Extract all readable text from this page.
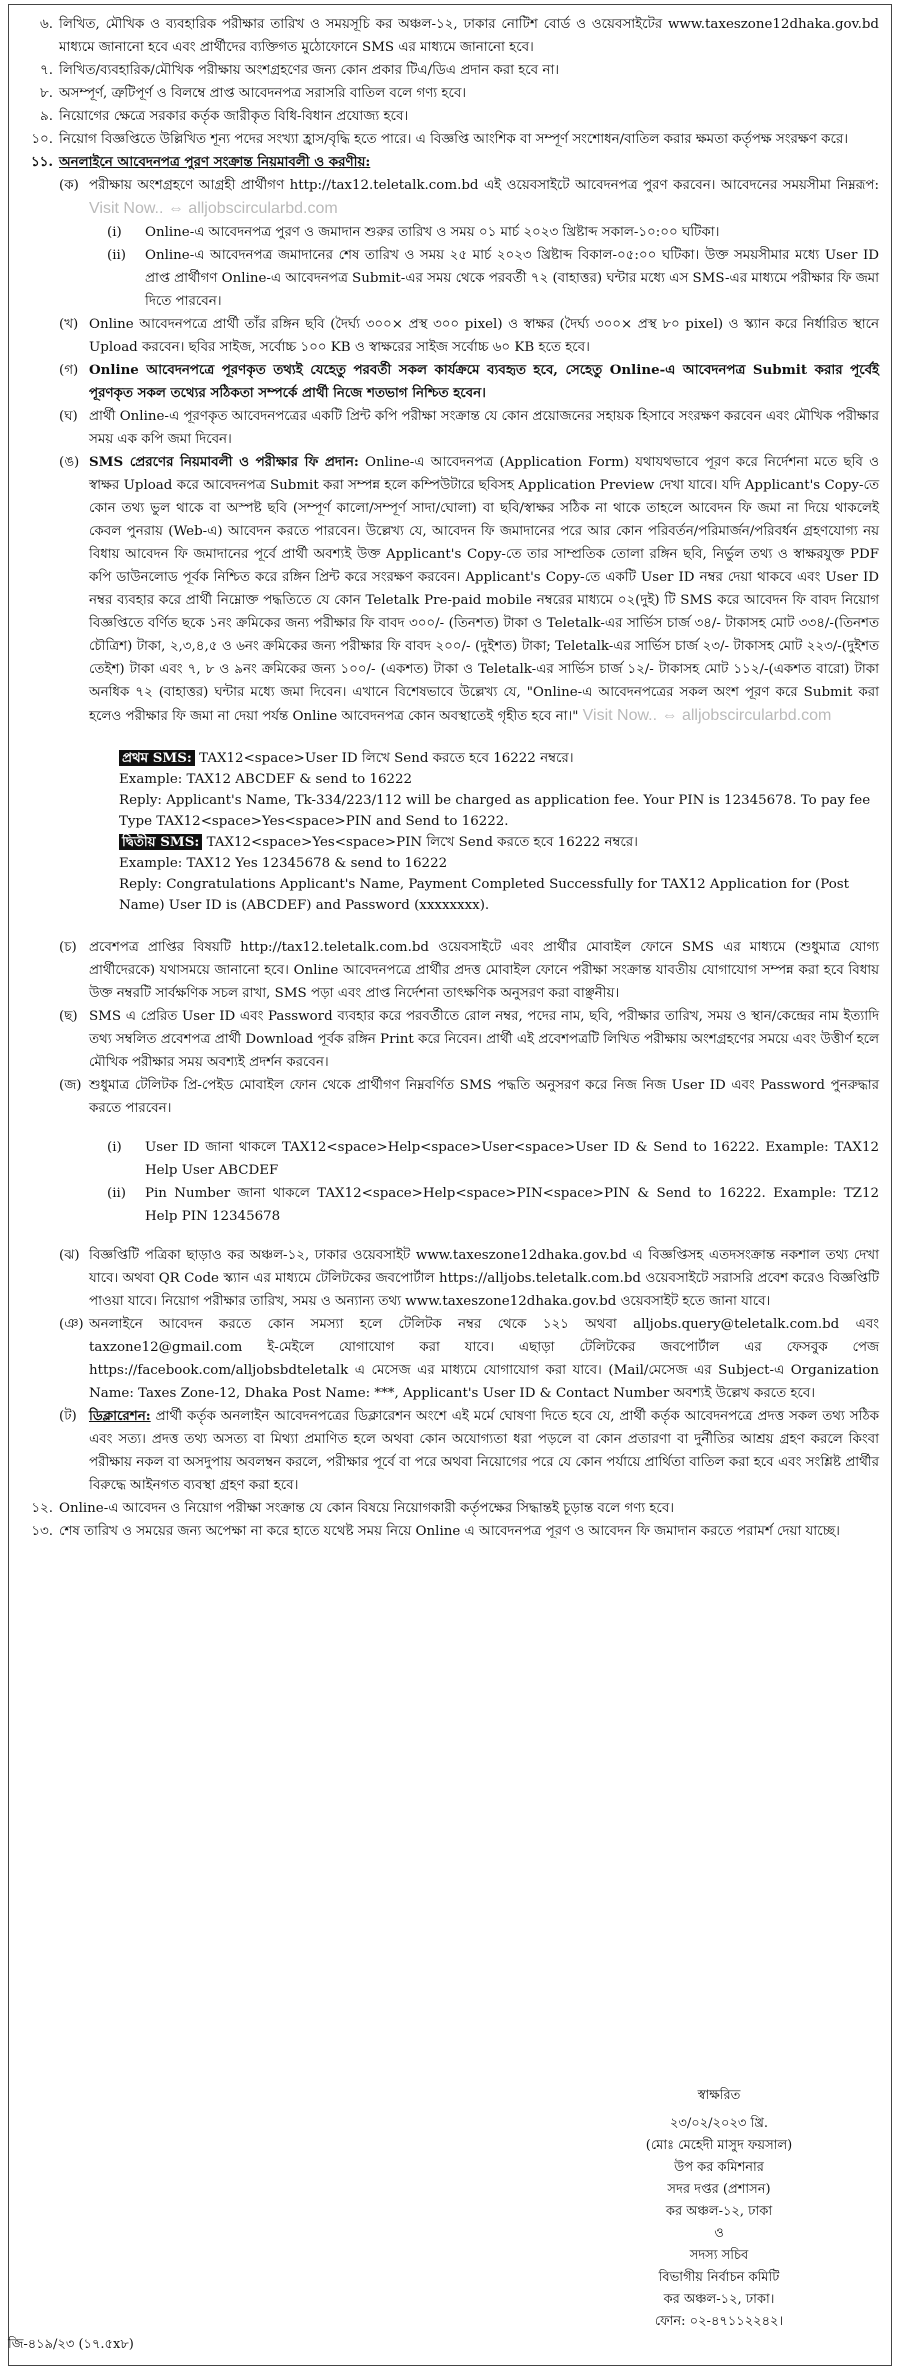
৬. লিখিত, মৌখিক ও ব্যবহারিক পরীক্ষার তারিখ ও সময়সূচি কর অঞ্চল-১২, ঢাকার নোটিশ বোর্ড ও ওয়েবসাইটের www.taxeszone12dhaka.gov.bd মাধ্যমে জানানো হবে এবং প্রার্থীদের ব্যক্তিগত মুঠোফোনে SMS এর মাধ্যমে জানানো হবে।
৭. লিখিত/ব্যবহারিক/মৌখিক পরীক্ষায় অংশগ্রহণের জন্য কোন প্রকার টিএ/ডিএ প্রদান করা হবে না।
৮. অসম্পূর্ণ, ত্রুটিপূর্ণ ও বিলম্বে প্রাপ্ত আবেদনপত্র সরাসরি বাতিল বলে গণ্য হবে।
৯. নিয়োগের ক্ষেত্রে সরকার কর্তৃক জারীকৃত বিধি-বিধান প্রযোজ্য হবে।
১০. নিয়োগ বিজ্ঞপ্তিতে উল্লিখিত শূন্য পদের সংখ্যা হ্রাস/বৃদ্ধি হতে পারে। এ বিজ্ঞপ্তি আংশিক বা সম্পূর্ণ সংশোধন/বাতিল করার ক্ষমতা কর্তৃপক্ষ সংরক্ষণ করে।
১১. অনলাইনে আবেদনপত্র পুরণ সংক্রান্ত নিয়মাবলী ও করণীয়:
(ক) পরীক্ষায় অংশগ্রহণে আগ্রহী প্রার্থীগণ http://tax12.teletalk.com.bd এই ওয়েবসাইটে আবেদনপত্র পুরণ করবেন। আবেদনের সময়সীমা নিম্নরূপ: Visit Now.. ⇔ alljobscircularbd.com
(i)	Online-এ আবেদনপত্র পুরণ ও জমাদান শুরুর তারিখ ও সময় ০১ মার্চ ২০২৩ খ্রিষ্টাব্দ সকাল-১০:০০ ঘটিকা।
(ii)	Online-এ আবেদনপত্র জমাদানের শেষ তারিখ ও সময় ২৫ মার্চ ২০২৩ খ্রিষ্টাব্দ বিকাল-০৫:০০ ঘটিকা। উক্ত সময়সীমার মধ্যে User ID প্রাপ্ত প্রার্থীগণ Online-এ আবেদনপত্র Submit-এর সময় থেকে পরবর্তী ৭২ (বাহাত্তর) ঘন্টার মধ্যে এস SMS-এর মাধ্যমে পরীক্ষার ফি জমা দিতে পারবেন।
(খ) Online আবেদনপত্রে প্রার্থী তাঁর রঙ্গিন ছবি (দৈর্ঘ্য ৩০০× প্রস্থ ৩০০ pixel) ও স্বাক্ষর (দৈর্ঘ্য ৩০০× প্রস্থ ৮০ pixel) ও স্ক্যান করে নির্ধারিত স্থানে Upload করবেন। ছবির সাইজ, সর্বোচ্চ ১০০ KB ও স্বাক্ষরের সাইজ সর্বোচ্চ ৬০ KB হতে হবে।
(গ) Online আবেদনপত্রে পূরণকৃত তথ্যই যেহেতু পরবর্তী সকল কার্যক্রমে ব্যবহৃত হবে, সেহেতু Online-এ আবেদনপত্র Submit করার পূর্বেই পূরণকৃত সকল তথ্যের সঠিকতা সম্পর্কে প্রার্থী নিজে শতভাগ নিশ্চিত হবেন।
(ঘ) প্রার্থী Online-এ পূরণকৃত আবেদনপত্রের একটি প্রিন্ট কপি পরীক্ষা সংক্রান্ত যে কোন প্রয়োজনের সহায়ক হিসাবে সংরক্ষণ করবেন এবং মৌখিক পরীক্ষার সময় এক কপি জমা দিবেন।
(ঙ) SMS প্রেরণের নিয়মাবলী ও পরীক্ষার ফি প্রদান: Online-এ আবেদনপত্র (Application Form) যথাযথভাবে পূরণ করে নির্দেশনা মতে ছবি ও স্বাক্ষর Upload করে আবেদনপত্র Submit করা সম্পন্ন হলে কম্পিউটারে ছবিসহ Application Preview দেখা যাবে। যদি Applicant's Copy-তে কোন তথ্য ভুল থাকে বা অস্পষ্ট ছবি (সম্পূর্ণ কালো/সম্পূর্ণ সাদা/ঘোলা) বা ছবি/স্বাক্ষর সঠিক না থাকে তাহলে আবেদন ফি জমা না দিয়ে থাকলেই কেবল পুনরায় (Web-এ) আবেদন করতে পারবেন। উল্লেখ্য যে, আবেদন ফি জমাদানের পরে আর কোন পরিবর্তন/পরিমার্জন/পরিবর্ধন গ্রহণযোগ্য নয় বিধায় আবেদন ফি জমাদানের পূর্বে প্রার্থী অবশ্যই উক্ত Applicant's Copy-তে তার সাম্প্রতিক তোলা রঙ্গিন ছবি, নির্ভুল তথ্য ও স্বাক্ষরযুক্ত PDF কপি ডাউনলোড পূর্বক নিশ্চিত করে রঙ্গিন প্রিন্ট করে সংরক্ষণ করবেন। Applicant's Copy-তে একটি User ID নম্বর দেয়া থাকবে এবং User ID নম্বর ব্যবহার করে প্রার্থী নিম্নোক্ত পদ্ধতিতে যে কোন Teletalk Pre-paid mobile নম্বরের মাধ্যমে ০২(দুই) টি SMS করে আবেদন ফি বাবদ নিয়োগ বিজ্ঞপ্তিতে বর্ণিত ছকে ১নং ক্রমিকের জন্য পরীক্ষার ফি বাবদ ৩০০/- (তিনশত) টাকা ও Teletalk-এর সার্ভিস চার্জ ৩৪/- টাকাসহ মোট ৩৩৪/-(তিনশত চৌত্রিশ) টাকা, ২,৩,৪,৫ ও ৬নং ক্রমিকের জন্য পরীক্ষার ফি বাবদ ২০০/- (দুইশত) টাকা; Teletalk-এর সার্ভিস চার্জ ২৩/- টাকাসহ মোট ২২৩/-(দুইশত তেইশ) টাকা এবং ৭, ৮ ও ৯নং ক্রমিকের জন্য ১০০/- (একশত) টাকা ও Teletalk-এর সার্ভিস চার্জ ১২/- টাকাসহ মোট ১১২/-(একশত বারো) টাকা অনধিক ৭২ (বাহাত্তর) ঘন্টার মধ্যে জমা দিবেন। এখানে বিশেষভাবে উল্লেখ্য যে, "Online-এ আবেদনপত্রের সকল অংশ পূরণ করে Submit করা হলেও পরীক্ষার ফি জমা না দেয়া পর্যন্ত Online আবেদনপত্র কোন অবস্থাতেই গৃহীত হবে না।" Visit Now.. ⇔ alljobscircularbd.com
প্রথম SMS: TAX12<space>User ID লিখে Send করতে হবে 16222 নম্বরে।
Example: TAX12 ABCDEF & send to 16222
Reply: Applicant's Name, Tk-334/223/112 will be charged as application fee. Your PIN is 12345678. To pay fee Type TAX12<space>Yes<space>PIN and Send to 16222.
দ্বিতীয় SMS: TAX12<space>Yes<space>PIN লিখে Send করতে হবে 16222 নম্বরে।
Example: TAX12 Yes 12345678 & send to 16222
Reply: Congratulations Applicant's Name, Payment Completed Successfully for TAX12 Application for (Post Name) User ID is (ABCDEF) and Password (xxxxxxxx).
(চ) প্রবেশপত্র প্রাপ্তির বিষয়টি http://tax12.teletalk.com.bd ওয়েবসাইটে এবং প্রার্থীর মোবাইল ফোনে SMS এর মাধ্যমে (শুধুমাত্র যোগ্য প্রার্থীদেরকে) যথাসময়ে জানানো হবে। Online আবেদনপত্রে প্রার্থীর প্রদত্ত মোবাইল ফোনে পরীক্ষা সংক্রান্ত যাবতীয় যোগাযোগ সম্পন্ন করা হবে বিধায় উক্ত নম্বরটি সার্বক্ষণিক সচল রাখা, SMS পড়া এবং প্রাপ্ত নির্দেশনা তাৎক্ষণিক অনুসরণ করা বাঞ্ছনীয়।
(ছ) SMS এ প্রেরিত User ID এবং Password ব্যবহার করে পরবর্তীতে রোল নম্বর, পদের নাম, ছবি, পরীক্ষার তারিখ, সময় ও স্থান/কেন্দ্রের নাম ইত্যাদি তথ্য সম্বলিত প্রবেশপত্র প্রার্থী Download পূর্বক রঙ্গিন Print করে নিবেন। প্রার্থী এই প্রবেশপত্রটি লিখিত পরীক্ষায় অংশগ্রহণের সময়ে এবং উত্তীর্ণ হলে মৌখিক পরীক্ষার সময় অবশ্যই প্রদর্শন করবেন।
(জ) শুধুমাত্র টেলিটক প্রি-পেইড মোবাইল ফোন থেকে প্রার্থীগণ নিম্নবর্ণিত SMS পদ্ধতি অনুসরণ করে নিজ নিজ User ID এবং Password পুনরুদ্ধার করতে পারবেন।
(i)	User ID জানা থাকলে TAX12<space>Help<space>User<space>User ID & Send to 16222. Example: TAX12 Help User ABCDEF
(ii)	Pin Number জানা থাকলে TAX12<space>Help<space>PIN<space>PIN & Send to 16222. Example: TZ12 Help PIN 12345678
(ঝ) বিজ্ঞপ্তিটি পত্রিকা ছাড়াও কর অঞ্চল-১২, ঢাকার ওয়েবসাইট www.taxeszone12dhaka.gov.bd এ বিজ্ঞপ্তিসহ এতদসংক্রান্ত নকশাল তথ্য দেখা যাবে। অথবা QR Code স্ক্যান এর মাধ্যমে টেলিটকের জবপোর্টাল https://alljobs.teletalk.com.bd ওয়েবসাইটে সরাসরি প্রবেশ করেও বিজ্ঞপ্তিটি পাওয়া যাবে। নিয়োগ পরীক্ষার তারিখ, সময় ও অন্যান্য তথ্য www.taxeszone12dhaka.gov.bd ওয়েবসাইট হতে জানা যাবে।
(ঞ) অনলাইনে আবেদন করতে কোন সমস্যা হলে টেলিটক নম্বর থেকে ১২১ অথবা alljobs.query@teletalk.com.bd এবং taxzone12@gmail.com ই-মেইলে যোগাযোগ করা যাবে। এছাড়া টেলিটকের জবপোর্টাল এর ফেসবুক পেজ https://facebook.com/alljobsbdteletalk এ মেসেজ এর মাধ্যমে যোগাযোগ করা যাবে। (Mail/মেসেজ এর Subject-এ Organization Name: Taxes Zone-12, Dhaka Post Name: ***, Applicant's User ID & Contact Number অবশ্যই উল্লেখ করতে হবে।
(ট) ডিক্লারেশন: প্রার্থী কর্তৃক অনলাইন আবেদনপত্রের ডিক্লারেশন অংশে এই মর্মে ঘোষণা দিতে হবে যে, প্রার্থী কর্তৃক আবেদনপত্রে প্রদত্ত সকল তথ্য সঠিক এবং সত্য। প্রদত্ত তথ্য অসত্য বা মিথ্যা প্রমাণিত হলে অথবা কোন অযোগ্যতা ধরা পড়লে বা কোন প্রতারণা বা দুর্নীতির আশ্রয় গ্রহণ করলে কিংবা পরীক্ষায় নকল বা অসদুপায় অবলম্বন করলে, পরীক্ষার পূর্বে বা পরে অথবা নিয়োগের পরে যে কোন পর্যায়ে প্রার্থিতা বাতিল করা হবে এবং সংশ্লিষ্ট প্রার্থীর বিরুদ্ধে আইনগত ব্যবস্থা গ্রহণ করা হবে।
১২. Online-এ আবেদন ও নিয়োগ পরীক্ষা সংক্রান্ত যে কোন বিষয়ে নিয়োগকারী কর্তৃপক্ষের সিদ্ধান্তই চূড়ান্ত বলে গণ্য হবে।
১৩. শেষ তারিখ ও সময়ের জন্য অপেক্ষা না করে হাতে যথেষ্ট সময় নিয়ে Online এ আবেদনপত্র পূরণ ও আবেদন ফি জমাদান করতে পরামর্শ দেয়া যাচ্ছে।
স্বাক্ষরিত
২৩/০২/২০২৩ খ্রি.
(মোঃ মেহেদী মাসুদ ফয়সাল)
উপ কর কমিশনার
সদর দপ্তর (প্রশাসন)
কর অঞ্চল-১২, ঢাকা
ও
সদস্য সচিব
বিভাগীয় নির্বাচন কমিটি
কর অঞ্চল-১২, ঢাকা।
ফোন: ০২-৪৭১১২২৪২।
জি-৪১৯/২৩ (১৭.৫x৮)
